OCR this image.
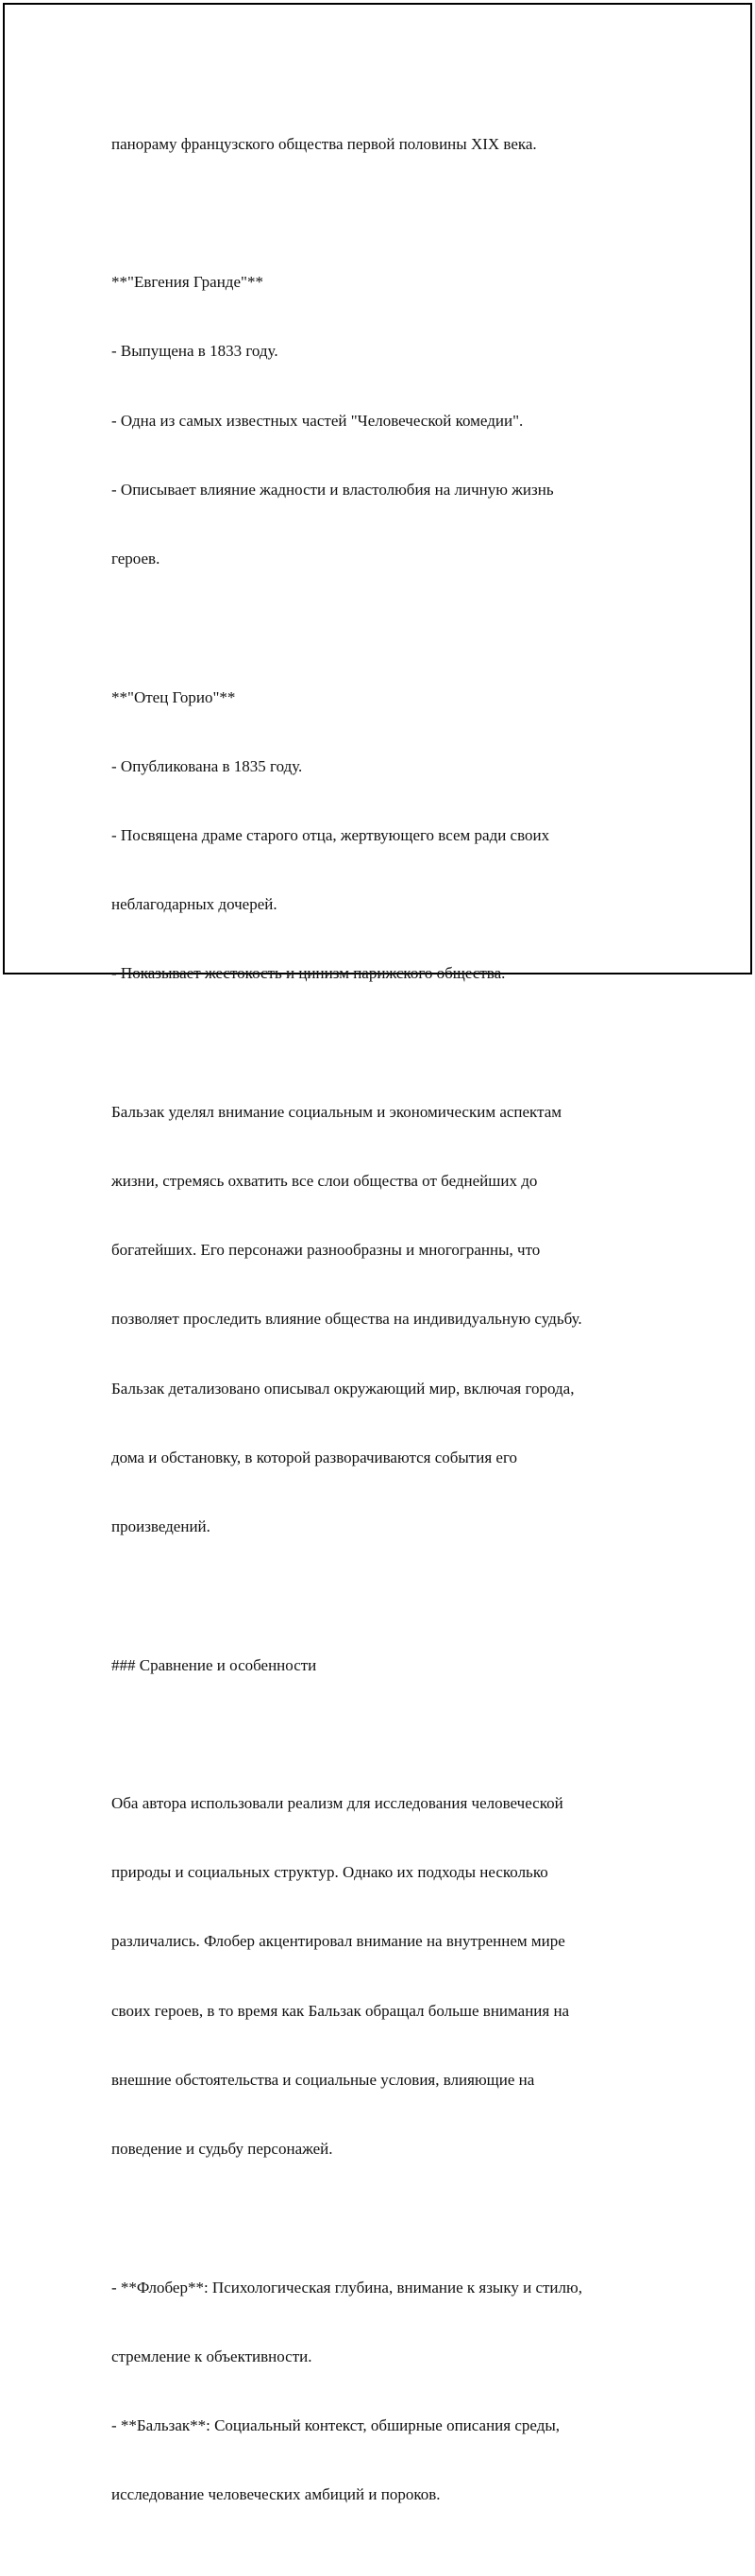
панораму французского общества первой половины XIX века.

**"Евгения Гранде"**

- Выпущена в 1833 году.

- Одна из самых известных частей "Человеческой комедии".

- Описывает влияние жадности и властолюбия на личную жизнь

героев.

**"Отец Горио"**

- Опубликована в 1835 году.

- Посвящена драме старого отца, жертвующего всем ради своих

неблагодарных дочерей.

- Показывает жестокость и цинизм парижского общества.

Бальзак уделял внимание социальным и экономическим аспектам

жизни, стремясь охватить все слои общества от беднейших до

богатейших. Его персонажи разнообразны и многогранны, что

позволяет проследить влияние общества на индивидуальную судьбу.

Бальзак детализовано описывал окружающий мир, включая города,

дома и обстановку, в которой разворачиваются события его

произведений.

### Сравнение и особенности

Оба автора использовали реализм для исследования человеческой

природы и социальных структур. Однако их подходы несколько

различались. Флобер акцентировал внимание на внутреннем мире

своих героев, в то время как Бальзак обращал больше внимания на

внешние обстоятельства и социальные условия, влияющие на

поведение и судьбу персонажей.

- **Флобер**: Психологическая глубина, внимание к языку и стилю,

стремление к объективности.

- **Бальзак**: Социальный контекст, обширные описания среды,

исследование человеческих амбиций и пороков.
